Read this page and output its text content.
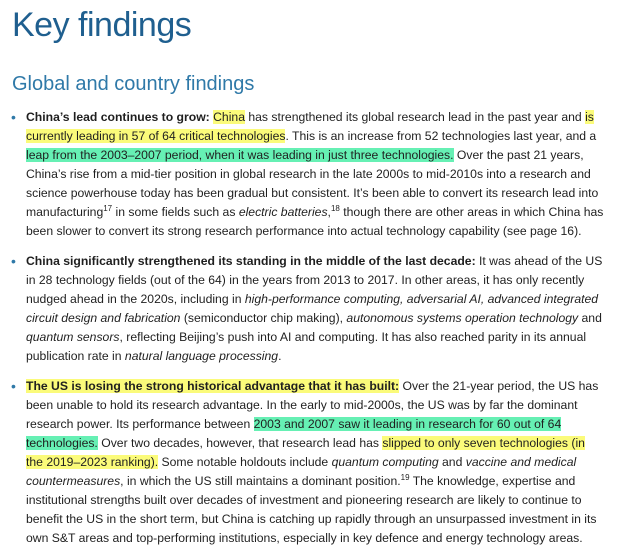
Key findings
Global and country findings
• China’s lead continues to grow: China has strengthened its global research lead in the past year and is currently leading in 57 of 64 critical technologies. This is an increase from 52 technologies last year, and a leap from the 2003–2007 period, when it was leading in just three technologies. Over the past 21 years, China’s rise from a mid-tier position in global research in the late 2000s to mid-2010s into a research and science powerhouse today has been gradual but consistent. It’s been able to convert its research lead into manufacturing$^{17}$ in some fields such as electric batteries,$^{18}$ though there are other areas in which China has been slower to convert its strong research performance into actual technology capability (see page 16).

• China significantly strengthened its standing in the middle of the last decade: It was ahead of the US in 28 technology fields (out of the 64) in the years from 2013 to 2017. In other areas, it has only recently nudged ahead in the 2020s, including in high-performance computing, adversarial AI, advanced integrated circuit design and fabrication (semiconductor chip making), autonomous systems operation technology and quantum sensors, reflecting Beijing’s push into AI and computing. It has also reached parity in its annual publication rate in natural language processing.

• The US is losing the strong historical advantage that it has built: Over the 21-year period, the US has been unable to hold its research advantage. In the early to mid-2000s, the US was by far the dominant research power. Its performance between 2003 and 2007 saw it leading in research for 60 out of 64 technologies. Over two decades, however, that research lead has slipped to only seven technologies (in the 2019–2023 ranking). Some notable holdouts include quantum computing and vaccine and medical countermeasures, in which the US still maintains a dominant position.$^{19}$ The knowledge, expertise and institutional strengths built over decades of investment and pioneering research are likely to continue to benefit the US in the short term, but China is catching up rapidly through an unsurpassed investment in its own S&T areas and top-performing institutions, especially in key defence and energy technology areas.
